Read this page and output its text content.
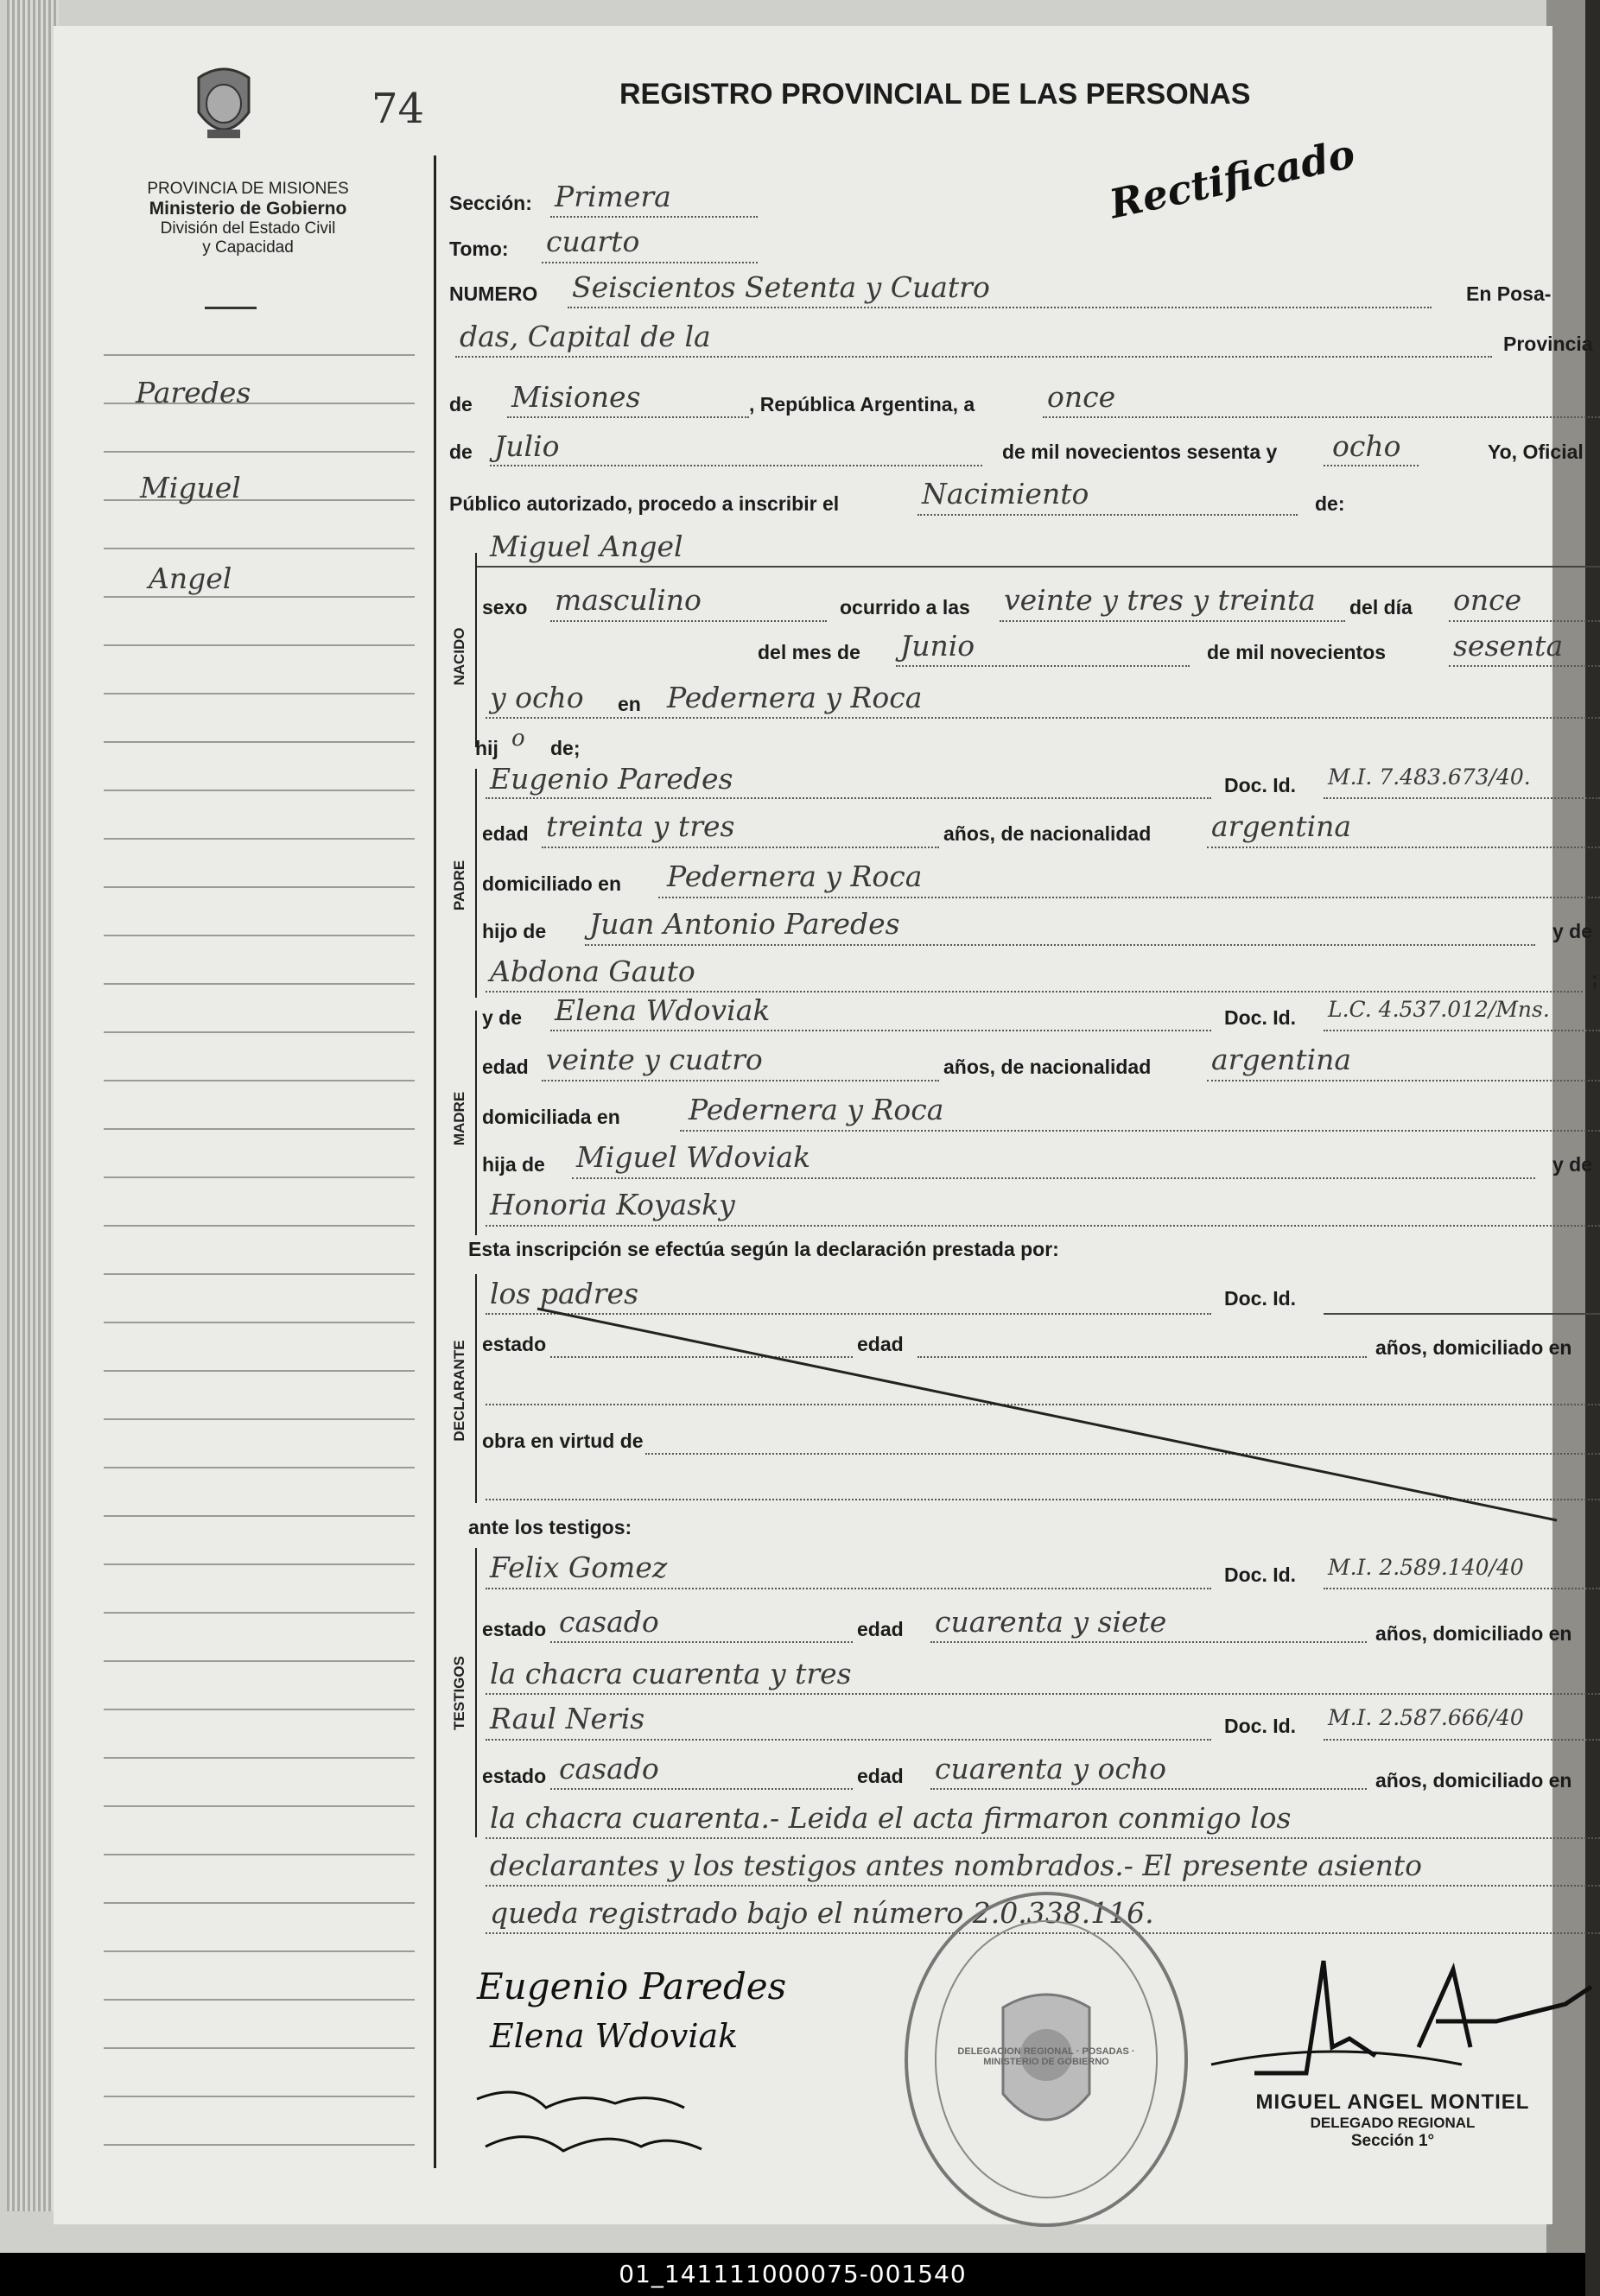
74	REGISTRO PROVINCIAL DE LAS PERSONAS
PROVINCIA DE MISIONES
Ministerio de Gobierno
División del Estado Civil
y Capacidad
Paredes
Miguel
Angel
Rectificado
Sección: Primera
Tomo: cuarto
NUMERO Seiscientos Setenta y Cuatro	En Posa-
das, Capital de la	Provincia
de Misiones	, República Argentina, a	once
de Julio	de mil novecientos sesenta y ocho	Yo, Oficial
Público autorizado, procedo a inscribir el	Nacimiento	de:
Miguel Angel
NACIDO
sexo masculino	ocurrido a las veinte y tres y treinta del día once
del mes de Junio	de mil novecientos sesenta
y ocho en Pedernera y Roca
hij o de;
PADRE
Eugenio Paredes	Doc. Id. M.I. 7.483.673/40.
edad treinta y tres	años, de nacionalidad argentina
domiciliado en Pedernera y Roca
hijo de Juan Antonio Paredes	y de
Abdona Gauto	;
MADRE
y de Elena Wdoviak	Doc. Id. L.C. 4.537.012/Mns.
edad veinte y cuatro	años, de nacionalidad argentina
domiciliada en Pedernera y Roca
hija de Miguel Wdoviak	y de
Honoria Koyasky
Esta inscripción se efectúa según la declaración prestada por:
DECLARANTE
los padres	Doc. Id.
estado	edad	años, domiciliado en
obra en virtud de
ante los testigos:
TESTIGOS
Felix Gomez	Doc. Id. M.I. 2.589.140/40
estado casado	edad cuarenta y siete	años, domiciliado en
la chacra cuarenta y tres
Raul Neris	Doc. Id. M.I. 2.587.666/40
estado casado	edad cuarenta y ocho	años, domiciliado en
la chacra cuarenta.- Leida el acta firmaron conmigo los
declarantes y los testigos antes nombrados.- El presente asiento
queda registrado bajo el número 2.0.338.116.
Eugenio Paredes
Elena Wdoviak	DELEGACION REGIONAL · POSADAS · MINISTERIO DE GOBIERNO
MIGUEL ANGEL MONTIEL
DELEGADO REGIONAL
Sección 1°
01_141111000075-001540
